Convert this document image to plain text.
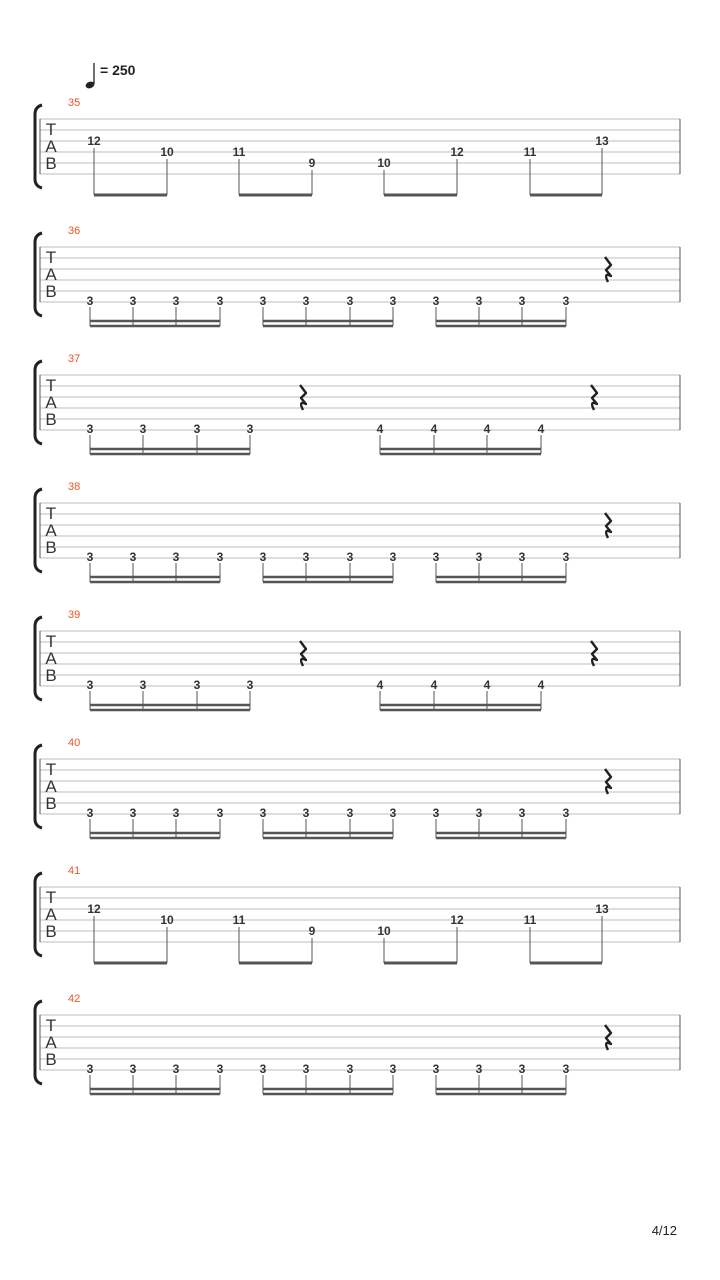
= 250
35
T
A
B
12
10	11
9	10
12	11
13
36
T
A
B 3	3	3	3	3	3	3	3	3	3	3	3
37
T
A
B 3	3	3	3	4	4	4	4
38
T
A
B 3	3	3	3	3	3	3	3	3	3	3	3
39
T
A
B 3	3	3	3	4	4	4	4
40
T
A
B 3	3	3	3	3	3	3	3	3	3	3	3
41
T
A
B
12
10	11
9	10
12	11
13
42
T
A
B 3	3	3	3	3	3	3	3	3	3	3	3
4/12
